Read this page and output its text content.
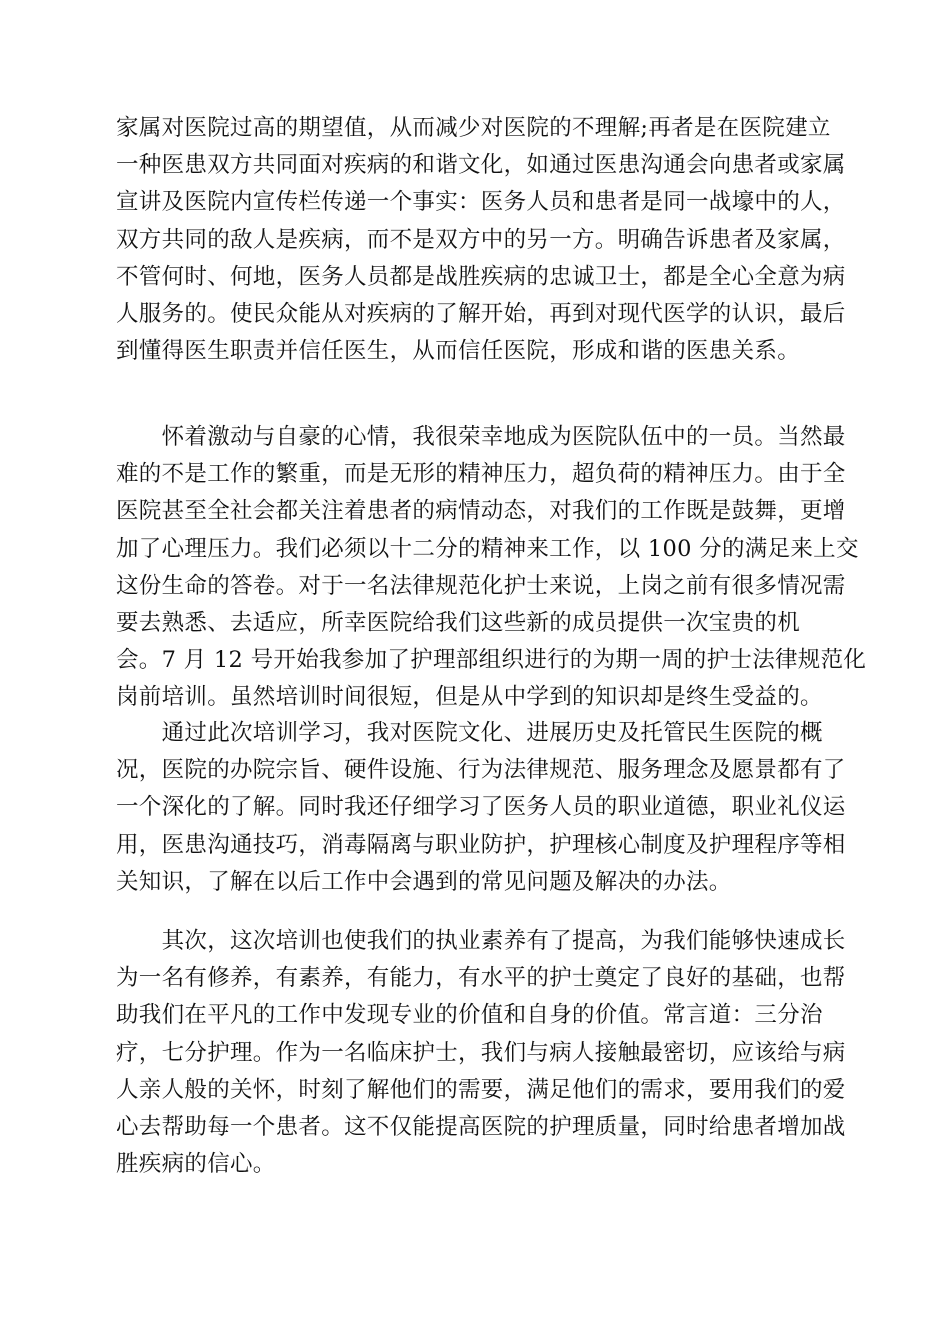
家属对医院过高的期望值，从而减少对医院的不理解;再者是在医院建立
一种医患双方共同面对疾病的和谐文化，如通过医患沟通会向患者或家属
宣讲及医院内宣传栏传递一个事实：医务人员和患者是同一战壕中的人，
双方共同的敌人是疾病，而不是双方中的另一方。明确告诉患者及家属，
不管何时、何地，医务人员都是战胜疾病的忠诚卫士，都是全心全意为病
人服务的。使民众能从对疾病的了解开始，再到对现代医学的认识，最后
到懂得医生职责并信任医生，从而信任医院，形成和谐的医患关系。
　　怀着激动与自豪的心情，我很荣幸地成为医院队伍中的一员。当然最
难的不是工作的繁重，而是无形的精神压力，超负荷的精神压力。由于全
医院甚至全社会都关注着患者的病情动态，对我们的工作既是鼓舞，更增
加了心理压力。我们必须以十二分的精神来工作，以 100 分的满足来上交
这份生命的答卷。对于一名法律规范化护士来说，上岗之前有很多情况需
要去熟悉、去适应，所幸医院给我们这些新的成员提供一次宝贵的机
会。7 月 12 号开始我参加了护理部组织进行的为期一周的护士法律规范化
岗前培训。虽然培训时间很短，但是从中学到的知识却是终生受益的。
　　通过此次培训学习，我对医院文化、进展历史及托管民生医院的概
况，医院的办院宗旨、硬件设施、行为法律规范、服务理念及愿景都有了
一个深化的了解。同时我还仔细学习了医务人员的职业道德，职业礼仪运
用，医患沟通技巧，消毒隔离与职业防护，护理核心制度及护理程序等相
关知识，了解在以后工作中会遇到的常见问题及解决的办法。
　　其次，这次培训也使我们的执业素养有了提高，为我们能够快速成长
为一名有修养，有素养，有能力，有水平的护士奠定了良好的基础，也帮
助我们在平凡的工作中发现专业的价值和自身的价值。常言道：三分治
疗，七分护理。作为一名临床护士，我们与病人接触最密切，应该给与病
人亲人般的关怀，时刻了解他们的需要，满足他们的需求，要用我们的爱
心去帮助每一个患者。这不仅能提高医院的护理质量，同时给患者增加战
胜疾病的信心。
